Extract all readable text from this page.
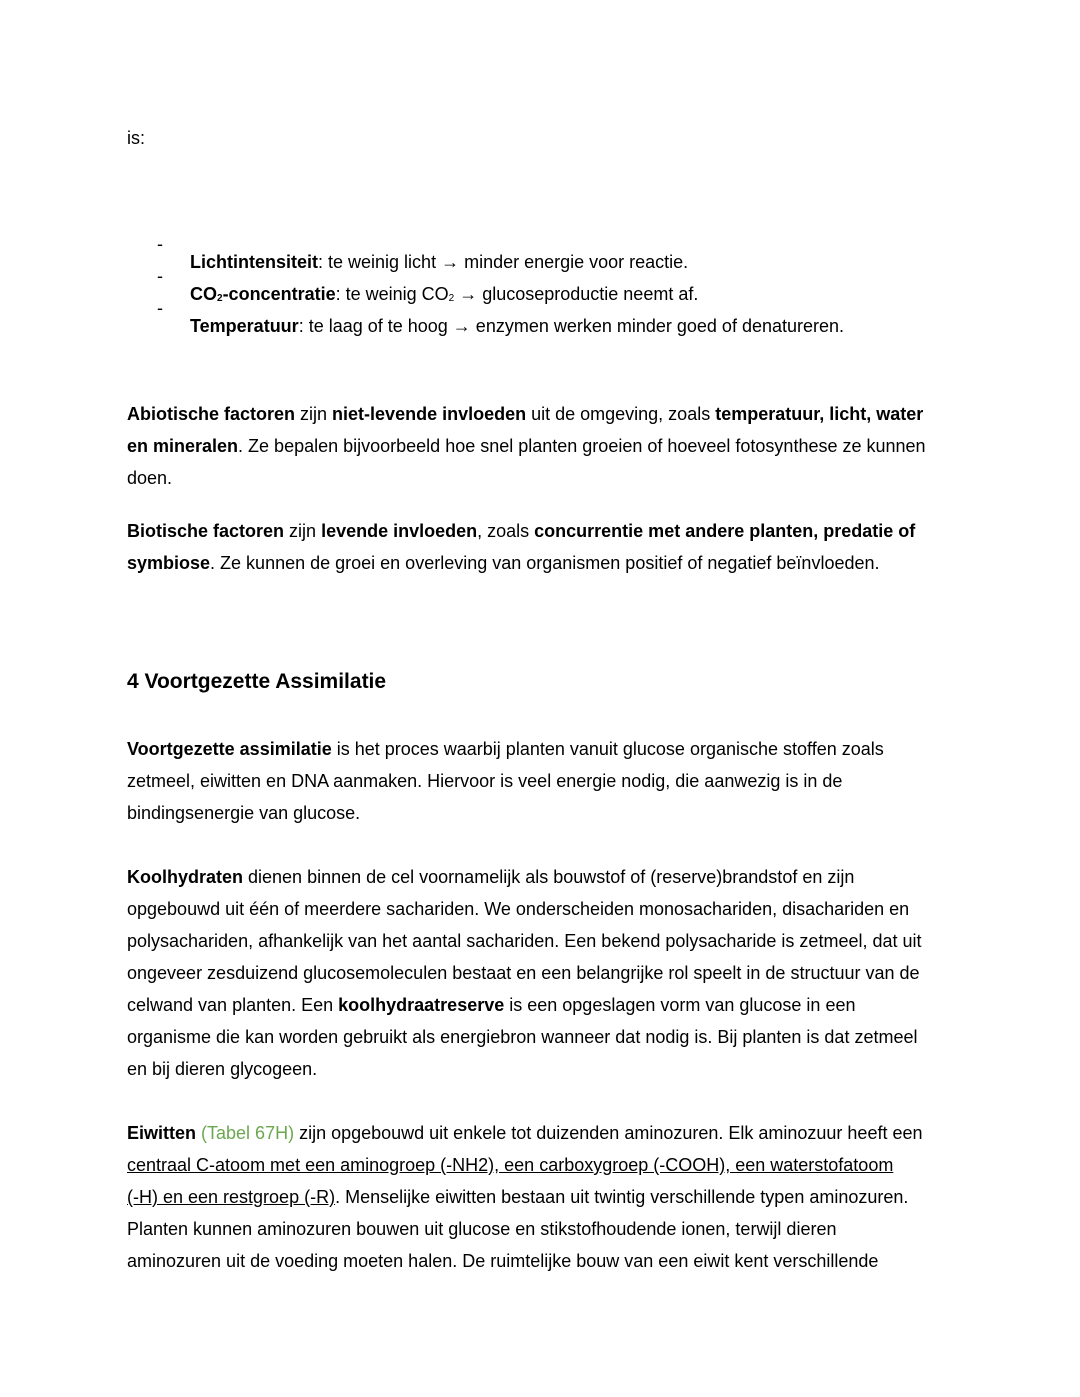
is:

-

Lichtintensiteit: te weinig licht → minder energie voor reactie.

-

$CO_2$-concentratie: te weinig $CO_2$ → glucoseproductie neemt af.

-

Temperatuur: te laag of te hoog → enzymen werken minder goed of denatureren.

Abiotische factoren zijn niet-levende invloeden uit de omgeving, zoals temperatuur, licht, water

en mineralen. Ze bepalen bijvoorbeeld hoe snel planten groeien of hoeveel fotosynthese ze kunnen

doen.

Biotische factoren zijn levende invloeden, zoals concurrentie met andere planten, predatie of

symbiose. Ze kunnen de groei en overleving van organismen positief of negatief beïnvloeden.

4 Voortgezette Assimilatie

Voortgezette assimilatie is het proces waarbij planten vanuit glucose organische stoffen zoals

zetmeel, eiwitten en DNA aanmaken. Hiervoor is veel energie nodig, die aanwezig is in de

bindingsenergie van glucose.

Koolhydraten dienen binnen de cel voornamelijk als bouwstof of (reserve)brandstof en zijn

opgebouwd uit één of meerdere sachariden. We onderscheiden monosachariden, disachariden en

polysachariden, afhankelijk van het aantal sachariden. Een bekend polysacharide is zetmeel, dat uit

ongeveer zesduizend glucosemoleculen bestaat en een belangrijke rol speelt in de structuur van de

celwand van planten. Een koolhydraatreserve is een opgeslagen vorm van glucose in een

organisme die kan worden gebruikt als energiebron wanneer dat nodig is. Bij planten is dat zetmeel

en bij dieren glycogeen.

Eiwitten (Tabel 67H) zijn opgebouwd uit enkele tot duizenden aminozuren. Elk aminozuur heeft een

centraal C-atoom met een aminogroep (-NH2), een carboxygroep (-COOH), een waterstofatoom

(-H) en een restgroep (-R). Menselijke eiwitten bestaan uit twintig verschillende typen aminozuren.

Planten kunnen aminozuren bouwen uit glucose en stikstofhoudende ionen, terwijl dieren

aminozuren uit de voeding moeten halen. De ruimtelijke bouw van een eiwit kent verschillende
